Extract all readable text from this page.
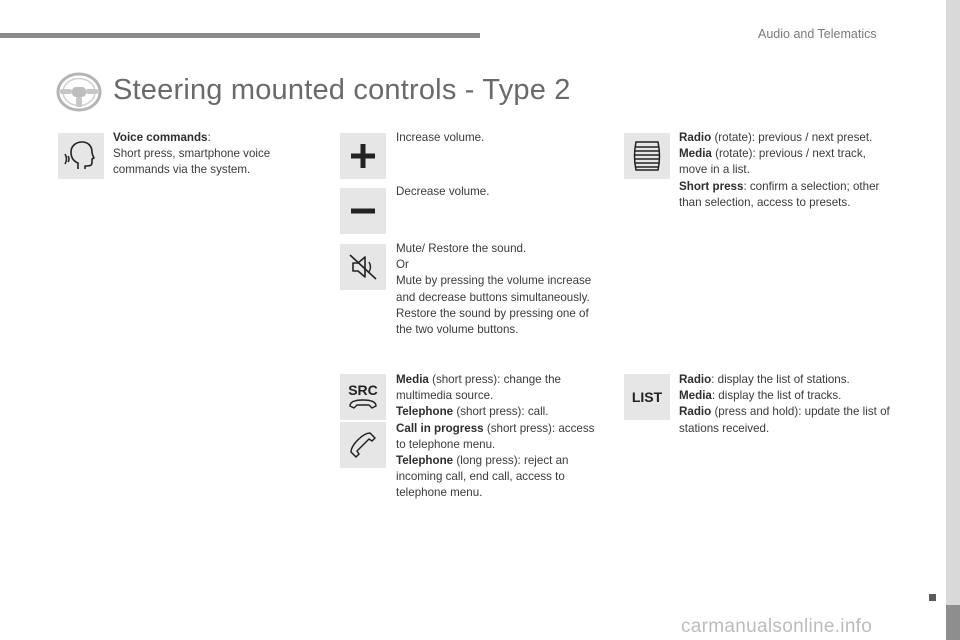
Audio and Telematics
Steering mounted controls - Type 2
Voice commands:
Short press, smartphone voice commands via the system.
Increase volume.
Decrease volume.
Mute/ Restore the sound.
Or
Mute by pressing the volume increase and decrease buttons simultaneously.
Restore the sound by pressing one of the two volume buttons.
SRC
Media (short press): change the multimedia source.
Telephone (short press): call.
Call in progress (short press): access to telephone menu.
Telephone (long press): reject an incoming call, end call, access to telephone menu.
Radio (rotate): previous / next preset.
Media (rotate): previous / next track, move in a list.
Short press: confirm a selection; other than selection, access to presets.
LIST
Radio: display the list of stations.
Media: display the list of tracks.
Radio (press and hold): update the list of stations received.
99
carmanualsonline.info
